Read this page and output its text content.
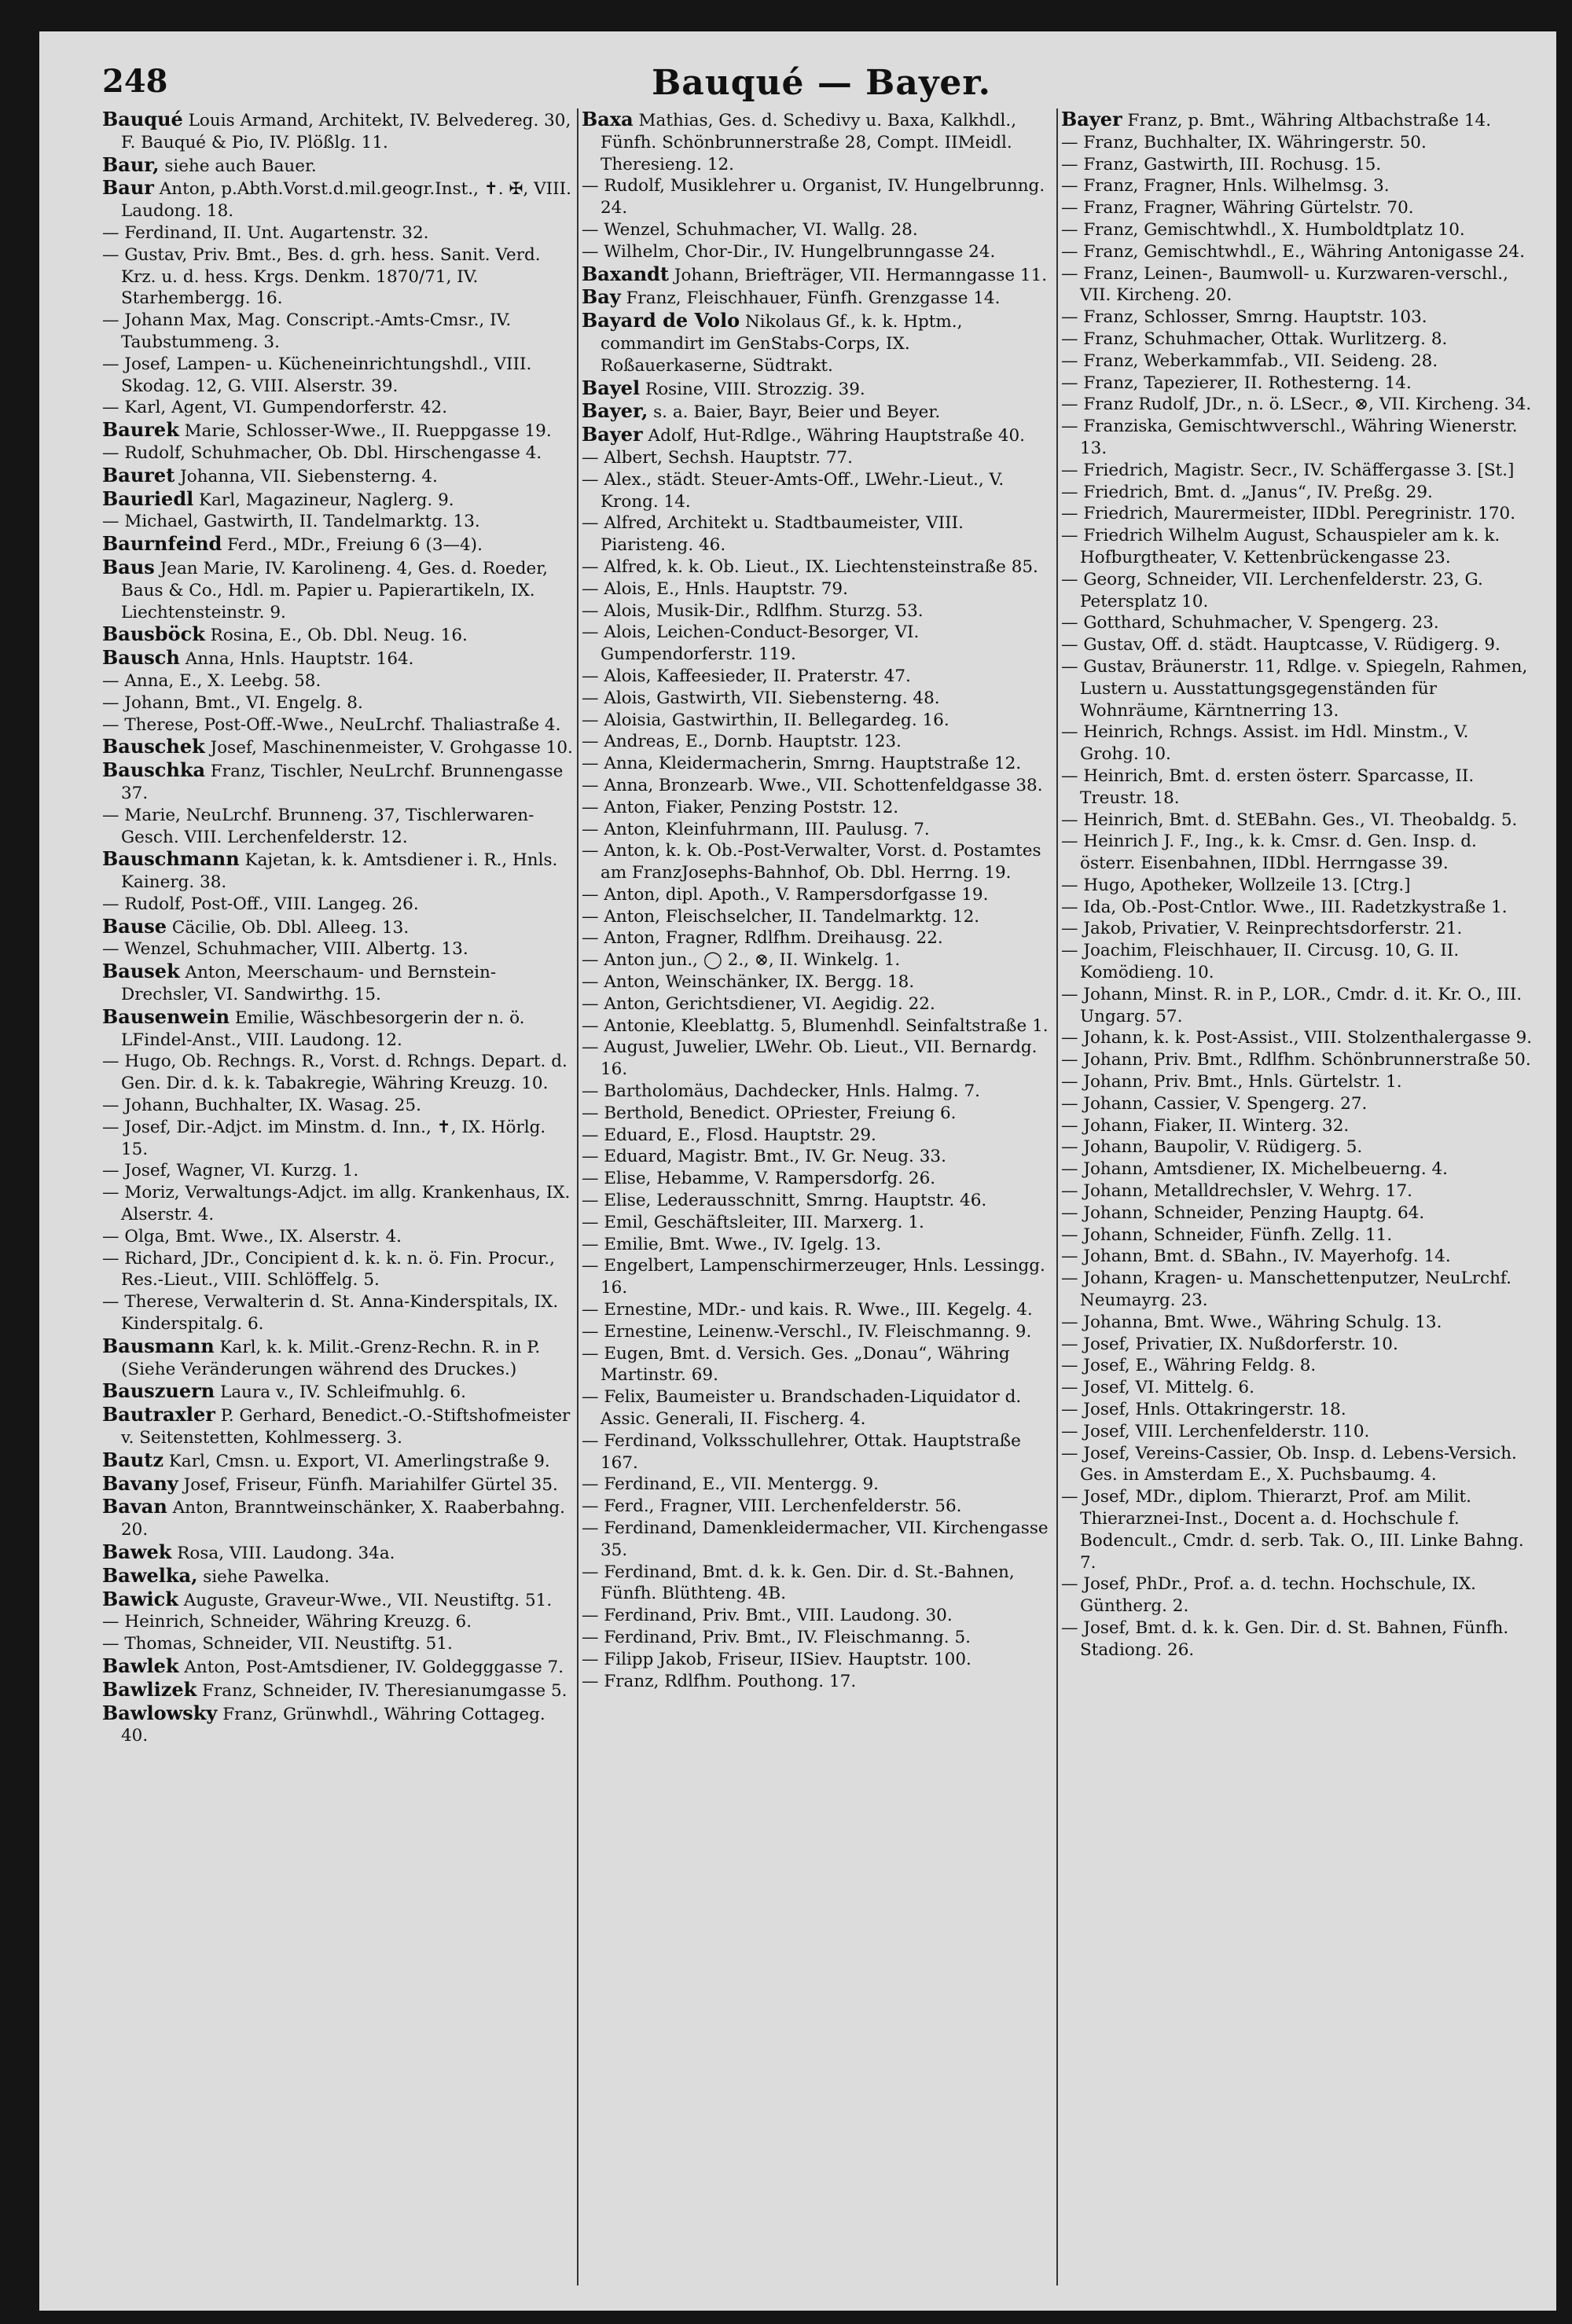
248	Bauqué — Bayer.
Bauqué Louis Armand, Architekt, IV. Belvedereg. 30, F. Bauqué & Pio, IV. Plößlg. 11.
Baur, siehe auch Bauer.
Baur Anton, p.Abth.Vorst.d.mil.geogr.Inst., ✝. ✠, VIII. Laudong. 18.
— Ferdinand, II. Unt. Augartenstr. 32.
— Gustav, Priv. Bmt., Bes. d. grh. hess. Sanit. Verd. Krz. u. d. hess. Krgs. Denkm. 1870/71, IV. Starhembergg. 16.
— Johann Max, Mag. Conscript.-Amts-Cmsr., IV. Taubstummeng. 3.
— Josef, Lampen- u. Kücheneinrichtungshdl., VIII. Skodag. 12, G. VIII. Alserstr. 39.
— Karl, Agent, VI. Gumpendorferstr. 42.
Baurek Marie, Schlosser-Wwe., II. Rueppgasse 19.
— Rudolf, Schuhmacher, Ob. Dbl. Hirschengasse 4.
Bauret Johanna, VII. Siebensterng. 4.
Bauriedl Karl, Magazineur, Naglerg. 9.
— Michael, Gastwirth, II. Tandelmarktg. 13.
Baurnfeind Ferd., MDr., Freiung 6 (3—4).
Baus Jean Marie, IV. Karolineng. 4, Ges. d. Roeder, Baus & Co., Hdl. m. Papier u. Papierartikeln, IX. Liechtensteinstr. 9.
Bausböck Rosina, E., Ob. Dbl. Neug. 16.
Bausch Anna, Hnls. Hauptstr. 164.
— Anna, E., X. Leebg. 58.
— Johann, Bmt., VI. Engelg. 8.
— Therese, Post-Off.-Wwe., NeuLrchf. Thaliastraße 4.
Bauschek Josef, Maschinenmeister, V. Grohgasse 10.
Bauschka Franz, Tischler, NeuLrchf. Brunnengasse 37.
— Marie, NeuLrchf. Brunneng. 37, Tischlerwaren-Gesch. VIII. Lerchenfelderstr. 12.
Bauschmann Kajetan, k. k. Amtsdiener i. R., Hnls. Kainerg. 38.
— Rudolf, Post-Off., VIII. Langeg. 26.
Bause Cäcilie, Ob. Dbl. Alleeg. 13.
— Wenzel, Schuhmacher, VIII. Albertg. 13.
Bausek Anton, Meerschaum- und Bernstein-Drechsler, VI. Sandwirthg. 15.
Bausenwein Emilie, Wäschbesorgerin der n. ö. LFindel-Anst., VIII. Laudong. 12.
— Hugo, Ob. Rechngs. R., Vorst. d. Rchngs. Depart. d. Gen. Dir. d. k. k. Tabakregie, Währing Kreuzg. 10.
— Johann, Buchhalter, IX. Wasag. 25.
— Josef, Dir.-Adjct. im Minstm. d. Inn., ✝, IX. Hörlg. 15.
— Josef, Wagner, VI. Kurzg. 1.
— Moriz, Verwaltungs-Adjct. im allg. Krankenhaus, IX. Alserstr. 4.
— Olga, Bmt. Wwe., IX. Alserstr. 4.
— Richard, JDr., Concipient d. k. k. n. ö. Fin. Procur., Res.-Lieut., VIII. Schlöffelg. 5.
— Therese, Verwalterin d. St. Anna-Kinderspitals, IX. Kinderspitalg. 6.
Bausmann Karl, k. k. Milit.-Grenz-Rechn. R. in P. (Siehe Veränderungen während des Druckes.)
Bauszuern Laura v., IV. Schleifmuhlg. 6.
Bautraxler P. Gerhard, Benedict.-O.-Stiftshofmeister v. Seitenstetten, Kohlmesserg. 3.
Bautz Karl, Cmsn. u. Export, VI. Amerlingstraße 9.
Bavany Josef, Friseur, Fünfh. Mariahilfer Gürtel 35.
Bavan Anton, Branntweinschänker, X. Raaberbahng. 20.
Bawek Rosa, VIII. Laudong. 34a.
Bawelka, siehe Pawelka.
Bawick Auguste, Graveur-Wwe., VII. Neustiftg. 51.
— Heinrich, Schneider, Währing Kreuzg. 6.
— Thomas, Schneider, VII. Neustiftg. 51.
Bawlek Anton, Post-Amtsdiener, IV. Goldegggasse 7.
Bawlizek Franz, Schneider, IV. Theresianumgasse 5.
Bawlowsky Franz, Grünwhdl., Währing Cottageg. 40.
Baxa Mathias, Ges. d. Schedivy u. Baxa, Kalkhdl., Fünfh. Schönbrunnerstraße 28, Compt. IIMeidl. Theresieng. 12.
— Rudolf, Musiklehrer u. Organist, IV. Hungelbrunng. 24.
— Wenzel, Schuhmacher, VI. Wallg. 28.
— Wilhelm, Chor-Dir., IV. Hungelbrunngasse 24.
Baxandt Johann, Briefträger, VII. Hermanngasse 11.
Bay Franz, Fleischhauer, Fünfh. Grenzgasse 14.
Bayard de Volo Nikolaus Gf., k. k. Hptm., commandirt im GenStabs-Corps, IX. Roßauerkaserne, Südtrakt.
Bayel Rosine, VIII. Strozzig. 39.
Bayer, s. a. Baier, Bayr, Beier und Beyer.
Bayer Adolf, Hut-Rdlge., Währing Hauptstraße 40.
— Albert, Sechsh. Hauptstr. 77.
— Alex., städt. Steuer-Amts-Off., LWehr.-Lieut., V. Krong. 14.
— Alfred, Architekt u. Stadtbaumeister, VIII. Piaristeng. 46.
— Alfred, k. k. Ob. Lieut., IX. Liechtensteinstraße 85.
— Alois, E., Hnls. Hauptstr. 79.
— Alois, Musik-Dir., Rdlfhm. Sturzg. 53.
— Alois, Leichen-Conduct-Besorger, VI. Gumpendorferstr. 119.
— Alois, Kaffeesieder, II. Praterstr. 47.
— Alois, Gastwirth, VII. Siebensterng. 48.
— Aloisia, Gastwirthin, II. Bellegardeg. 16.
— Andreas, E., Dornb. Hauptstr. 123.
— Anna, Kleidermacherin, Smrng. Hauptstraße 12.
— Anna, Bronzearb. Wwe., VII. Schottenfeldgasse 38.
— Anton, Fiaker, Penzing Poststr. 12.
— Anton, Kleinfuhrmann, III. Paulusg. 7.
— Anton, k. k. Ob.-Post-Verwalter, Vorst. d. Postamtes am FranzJosephs-Bahnhof, Ob. Dbl. Herrng. 19.
— Anton, dipl. Apoth., V. Rampersdorfgasse 19.
— Anton, Fleischselcher, II. Tandelmarktg. 12.
— Anton, Fragner, Rdlfhm. Dreihausg. 22.
— Anton jun., ◯ 2., ⊗, II. Winkelg. 1.
— Anton, Weinschänker, IX. Bergg. 18.
— Anton, Gerichtsdiener, VI. Aegidig. 22.
— Antonie, Kleeblattg. 5, Blumenhdl. Seinfaltstraße 1.
— August, Juwelier, LWehr. Ob. Lieut., VII. Bernardg. 16.
— Bartholomäus, Dachdecker, Hnls. Halmg. 7.
— Berthold, Benedict. OPriester, Freiung 6.
— Eduard, E., Flosd. Hauptstr. 29.
— Eduard, Magistr. Bmt., IV. Gr. Neug. 33.
— Elise, Hebamme, V. Rampersdorfg. 26.
— Elise, Lederausschnitt, Smrng. Hauptstr. 46.
— Emil, Geschäftsleiter, III. Marxerg. 1.
— Emilie, Bmt. Wwe., IV. Igelg. 13.
— Engelbert, Lampenschirmerzeuger, Hnls. Lessingg. 16.
— Ernestine, MDr.- und kais. R. Wwe., III. Kegelg. 4.
— Ernestine, Leinenw.-Verschl., IV. Fleischmanng. 9.
— Eugen, Bmt. d. Versich. Ges. „Donau“, Währing Martinstr. 69.
— Felix, Baumeister u. Brandschaden-Liquidator d. Assic. Generali, II. Fischerg. 4.
— Ferdinand, Volksschullehrer, Ottak. Hauptstraße 167.
— Ferdinand, E., VII. Mentergg. 9.
— Ferd., Fragner, VIII. Lerchenfelderstr. 56.
— Ferdinand, Damenkleidermacher, VII. Kirchengasse 35.
— Ferdinand, Bmt. d. k. k. Gen. Dir. d. St.-Bahnen, Fünfh. Blüthteng. 4B.
— Ferdinand, Priv. Bmt., VIII. Laudong. 30.
— Ferdinand, Priv. Bmt., IV. Fleischmanng. 5.
— Filipp Jakob, Friseur, IISiev. Hauptstr. 100.
— Franz, Rdlfhm. Pouthong. 17.
Bayer Franz, p. Bmt., Währing Altbachstraße 14.
— Franz, Buchhalter, IX. Währingerstr. 50.
— Franz, Gastwirth, III. Rochusg. 15.
— Franz, Fragner, Hnls. Wilhelmsg. 3.
— Franz, Fragner, Währing Gürtelstr. 70.
— Franz, Gemischtwhdl., X. Humboldtplatz 10.
— Franz, Gemischtwhdl., E., Währing Antonigasse 24.
— Franz, Leinen-, Baumwoll- u. Kurzwaren-verschl., VII. Kircheng. 20.
— Franz, Schlosser, Smrng. Hauptstr. 103.
— Franz, Schuhmacher, Ottak. Wurlitzerg. 8.
— Franz, Weberkammfab., VII. Seideng. 28.
— Franz, Tapezierer, II. Rothesterng. 14.
— Franz Rudolf, JDr., n. ö. LSecr., ⊗, VII. Kircheng. 34.
— Franziska, Gemischtwverschl., Währing Wienerstr. 13.
— Friedrich, Magistr. Secr., IV. Schäffergasse 3. [St.]
— Friedrich, Bmt. d. „Janus“, IV. Preßg. 29.
— Friedrich, Maurermeister, IIDbl. Peregrinistr. 170.
— Friedrich Wilhelm August, Schauspieler am k. k. Hofburgtheater, V. Kettenbrückengasse 23.
— Georg, Schneider, VII. Lerchenfelderstr. 23, G. Petersplatz 10.
— Gotthard, Schuhmacher, V. Spengerg. 23.
— Gustav, Off. d. städt. Hauptcasse, V. Rüdigerg. 9.
— Gustav, Bräunerstr. 11, Rdlge. v. Spiegeln, Rahmen, Lustern u. Ausstattungsgegenständen für Wohnräume, Kärntnerring 13.
— Heinrich, Rchngs. Assist. im Hdl. Minstm., V. Grohg. 10.
— Heinrich, Bmt. d. ersten österr. Sparcasse, II. Treustr. 18.
— Heinrich, Bmt. d. StEBahn. Ges., VI. Theobaldg. 5.
— Heinrich J. F., Ing., k. k. Cmsr. d. Gen. Insp. d. österr. Eisenbahnen, IIDbl. Herrngasse 39.
— Hugo, Apotheker, Wollzeile 13. [Ctrg.]
— Ida, Ob.-Post-Cntlor. Wwe., III. Radetzkystraße 1.
— Jakob, Privatier, V. Reinprechtsdorferstr. 21.
— Joachim, Fleischhauer, II. Circusg. 10, G. II. Komödieng. 10.
— Johann, Minst. R. in P., LOR., Cmdr. d. it. Kr. O., III. Ungarg. 57.
— Johann, k. k. Post-Assist., VIII. Stolzenthalergasse 9.
— Johann, Priv. Bmt., Rdlfhm. Schönbrunnerstraße 50.
— Johann, Priv. Bmt., Hnls. Gürtelstr. 1.
— Johann, Cassier, V. Spengerg. 27.
— Johann, Fiaker, II. Winterg. 32.
— Johann, Baupolir, V. Rüdigerg. 5.
— Johann, Amtsdiener, IX. Michelbeuerng. 4.
— Johann, Metalldrechsler, V. Wehrg. 17.
— Johann, Schneider, Penzing Hauptg. 64.
— Johann, Schneider, Fünfh. Zellg. 11.
— Johann, Bmt. d. SBahn., IV. Mayerhofg. 14.
— Johann, Kragen- u. Manschettenputzer, NeuLrchf. Neumayrg. 23.
— Johanna, Bmt. Wwe., Währing Schulg. 13.
— Josef, Privatier, IX. Nußdorferstr. 10.
— Josef, E., Währing Feldg. 8.
— Josef, VI. Mittelg. 6.
— Josef, Hnls. Ottakringerstr. 18.
— Josef, VIII. Lerchenfelderstr. 110.
— Josef, Vereins-Cassier, Ob. Insp. d. Lebens-Versich. Ges. in Amsterdam E., X. Puchsbaumg. 4.
— Josef, MDr., diplom. Thierarzt, Prof. am Milit. Thierarznei-Inst., Docent a. d. Hochschule f. Bodencult., Cmdr. d. serb. Tak. O., III. Linke Bahng. 7.
— Josef, PhDr., Prof. a. d. techn. Hochschule, IX. Güntherg. 2.
— Josef, Bmt. d. k. k. Gen. Dir. d. St. Bahnen, Fünfh. Stadiong. 26.
